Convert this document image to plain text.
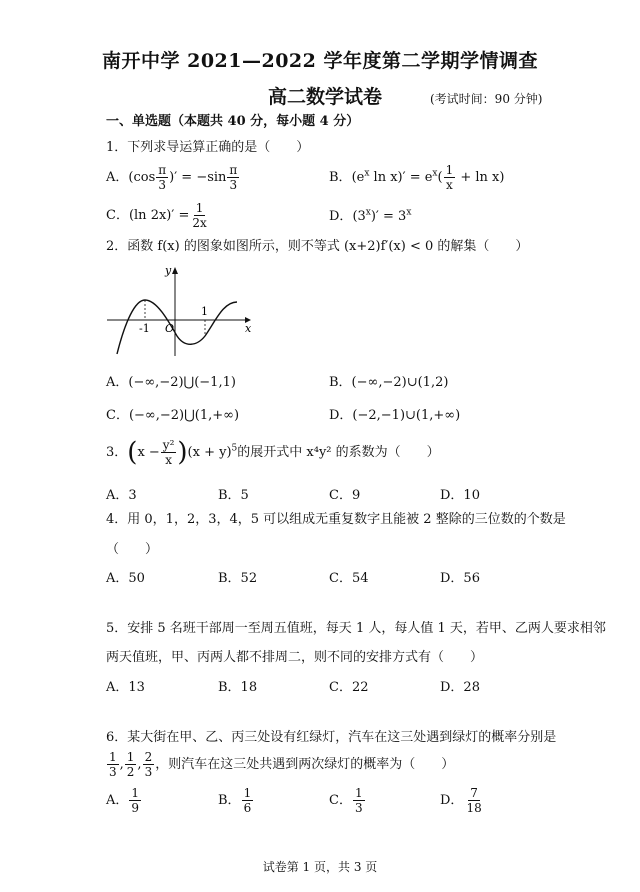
南开中学 2021—2022 学年度第二学期学情调查
高二数学试卷	(考试时间：90 分钟)
一、单选题（本题共 40 分，每小题 4 分）
1．下列求导运算正确的是（　　）
A．($\cos \frac{\pi}{3}$ )′ = $-\sin \frac{\pi}{3}$	B．($e^x$ $\ln x)' = e^x( \frac{1}{x} + \ln x)$
C．(ln $2x)' = \frac{1}{2x}$	D．$(3^x)' = 3^x$
2．函数 f(x) 的图象如图所示，则不等式 (x+2)f′(x) < 0 的解集（　　）
y
x
O
-1
1
A．(−∞,−2)⋃(−1,1)	B．(−∞,−2)∪(1,2)
C．(−∞,−2)⋃(1,+∞)	D．(−2,−1)∪(1,+∞)
3．$(x - \frac{\text{y²}}{x} )(x + y)^5$的展开式中 x⁴y² 的系数为（　　）
A．3	B．5	C．9	D．10
4．用 0，1，2，3，4，5 可以组成无重复数字且能被 2 整除的三位数的个数是
（　　）
A．50	B．52	C．54	D．56
5．安排 5 名班干部周一至周五值班，每天 1 人，每人值 1 天，若甲、乙两人要求相邻
两天值班，甲、丙两人都不排周二，则不同的安排方式有（　　）
A．13	B．18	C．22	D．28
6．某大街在甲、乙、丙三处设有红绿灯，汽车在这三处遇到绿灯的概率分别是
$\frac{1}{3}$ , $\frac{1}{2}$ , $\frac{2}{3}$ ，则汽车在这三处共遇到两次绿灯的概率为（　　）
A． $\frac{1}{9}$	B． $\frac{1}{6}$	C． $\frac{1}{3}$	D． $\frac{7}{18}$
试卷第 1 页，共 3 页
